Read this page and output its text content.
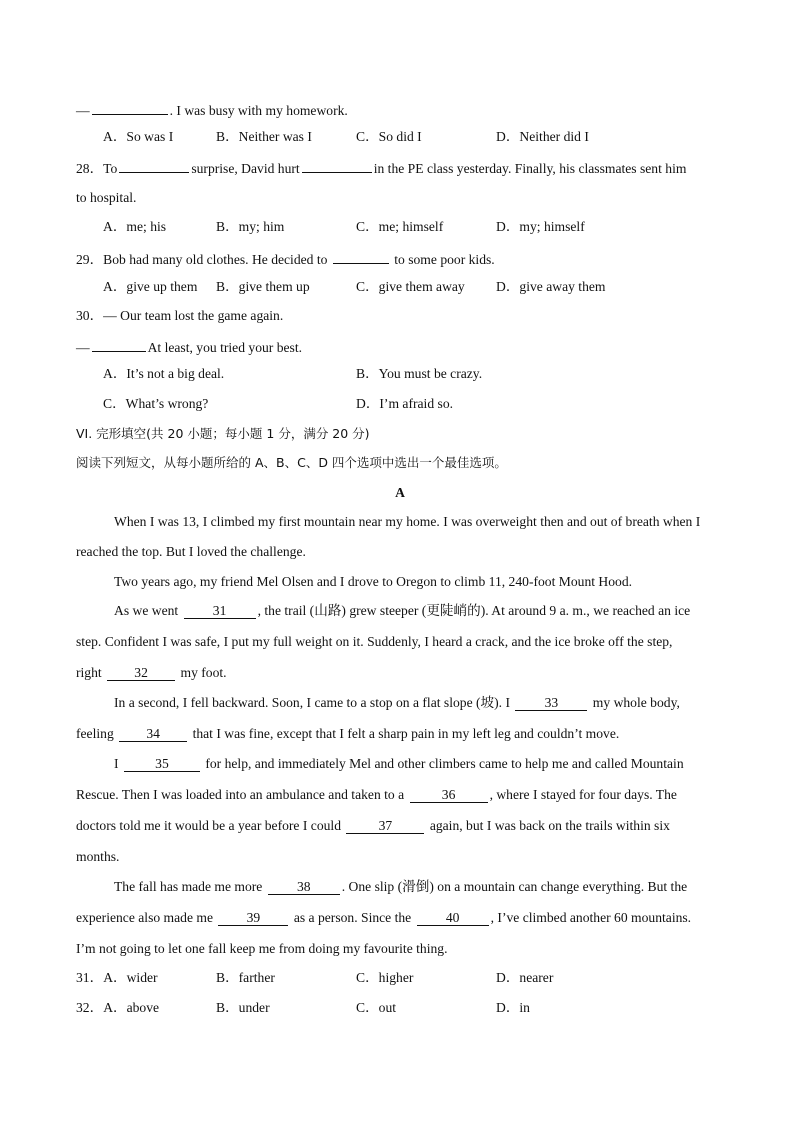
—	. I was busy with my homework.
A．So was I	B．Neither was I	C．So did I	D．Neither did I
28．To	surprise, David hurt	in the PE class yesterday. Finally, his classmates sent him
to hospital.
A．me; his	B．my; him	C．me; himself	D．my; himself
29．Bob had many old clothes. He decided to	to some poor kids.
A．give up them B．give them up	C．give them away D．give away them
30．— Our team lost the game again.
—	At least, you tried your best.
A．It’s not a big deal.	B．You must be crazy.
C．What’s wrong?	D．I’m afraid so.
VI. 完形填空(共 20 小题；每小题 1 分，满分 20 分)
阅读下列短文，从每小题所给的 A、B、C、D 四个选项中选出一个最佳选项。
A
When I was 13, I climbed my first mountain near my home. I was overweight then and out of breath when I
reached the top. But I loved the challenge.
Two years ago, my friend Mel Olsen and I drove to Oregon to climb 11, 240-foot Mount Hood.
As we went	31 , the trail (山路) grew steeper (更陡峭的). At around 9 a. m., we reached an ice
step. Confident I was safe, I put my full weight on it. Suddenly, I heard a crack, and the ice broke off the step,
right 32 my foot.
In a second, I fell backward. Soon, I came to a stop on a flat slope (坡). I	33	my whole body,
feeling 34 that I was fine, except that I felt a sharp pain in my left leg and couldn’t move.
I	35	for help, and immediately Mel and other climbers came to help me and called Mountain
Rescue. Then I was loaded into an ambulance and taken to a	36	, where I stayed for four days. The
doctors told me it would be a year before I could	37	again, but I was back on the trails within six
months.
The fall has made me more	38 . One slip (滑倒) on a mountain can change everything. But the
experience also made me 39 as a person. Since the	40 , I’ve climbed another 60 mountains.
I’m not going to let one fall keep me from doing my favourite thing.
31．A．wider	B．farther	C．higher	D．nearer
32．A．above	B．under	C．out	D．in
